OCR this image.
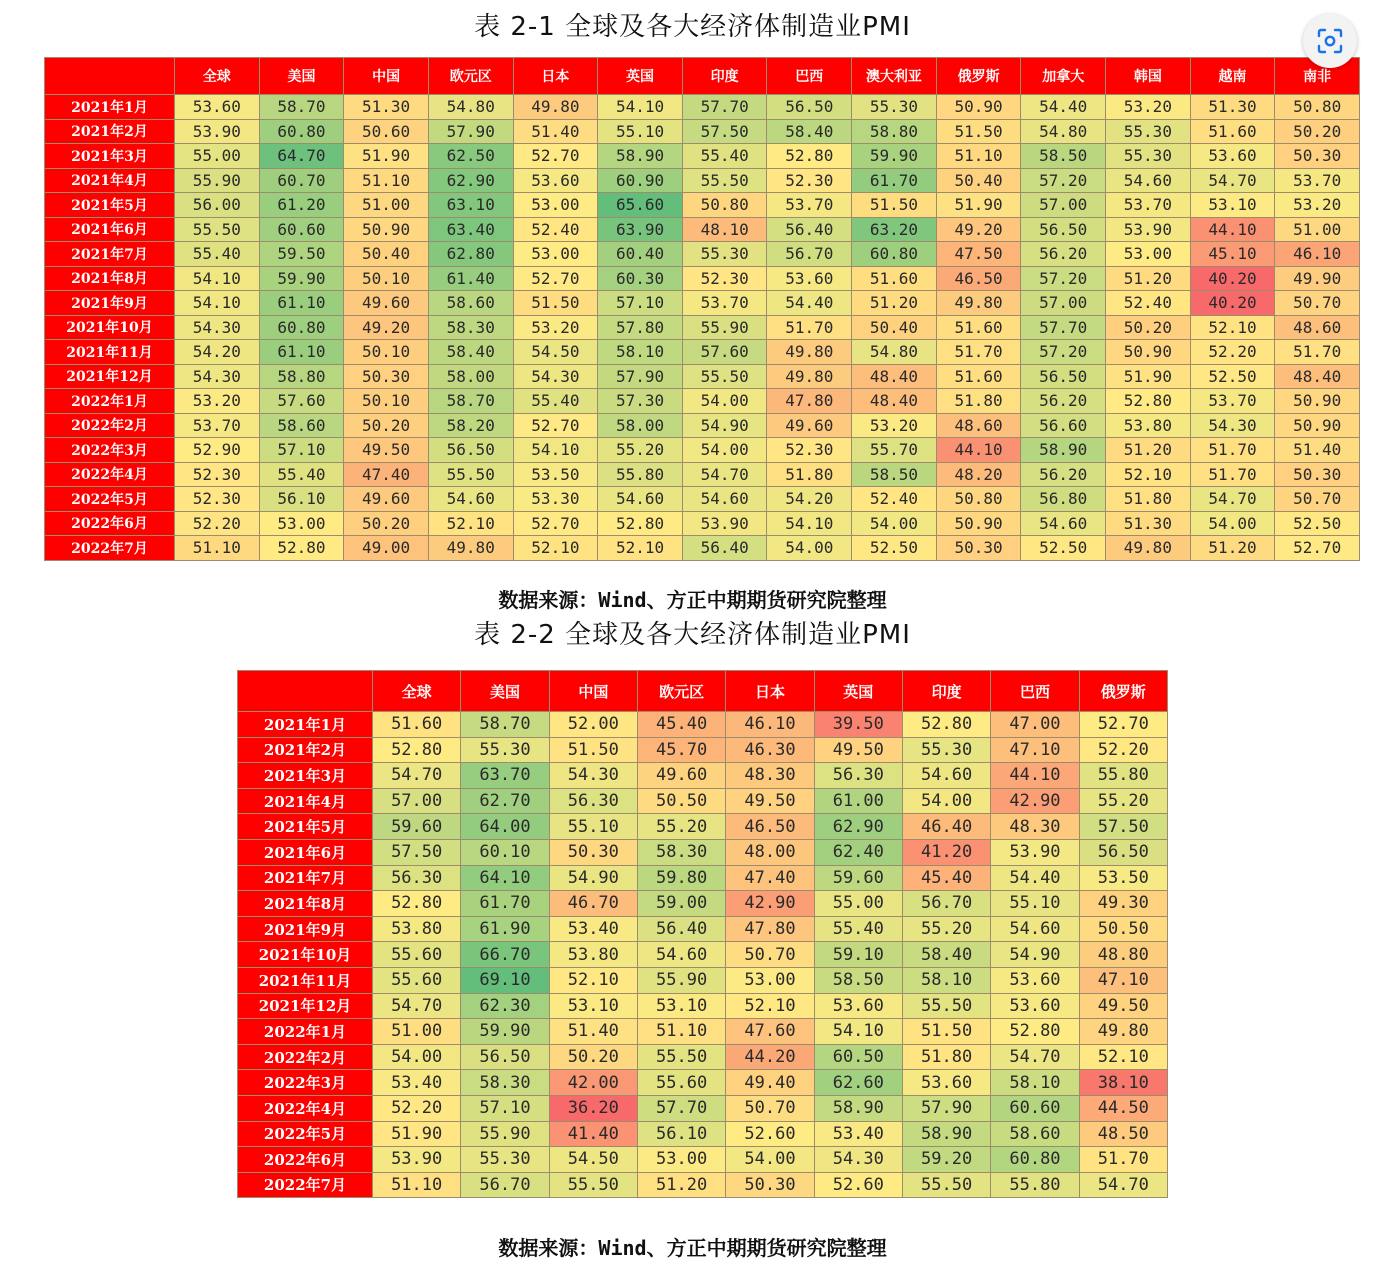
表 2-1 全球及各大经济体制造业PMI
	全球	美国	中国	欧元区	日本	英国	印度	巴西	澳大利亚	俄罗斯	加拿大	韩国	越南	南非
2021年1月	53.60	58.70	51.30	54.80	49.80	54.10	57.70	56.50	55.30	50.90	54.40	53.20	51.30	50.80
2021年2月	53.90	60.80	50.60	57.90	51.40	55.10	57.50	58.40	58.80	51.50	54.80	55.30	51.60	50.20
2021年3月	55.00	64.70	51.90	62.50	52.70	58.90	55.40	52.80	59.90	51.10	58.50	55.30	53.60	50.30
2021年4月	55.90	60.70	51.10	62.90	53.60	60.90	55.50	52.30	61.70	50.40	57.20	54.60	54.70	53.70
2021年5月	56.00	61.20	51.00	63.10	53.00	65.60	50.80	53.70	51.50	51.90	57.00	53.70	53.10	53.20
2021年6月	55.50	60.60	50.90	63.40	52.40	63.90	48.10	56.40	63.20	49.20	56.50	53.90	44.10	51.00
2021年7月	55.40	59.50	50.40	62.80	53.00	60.40	55.30	56.70	60.80	47.50	56.20	53.00	45.10	46.10
2021年8月	54.10	59.90	50.10	61.40	52.70	60.30	52.30	53.60	51.60	46.50	57.20	51.20	40.20	49.90
2021年9月	54.10	61.10	49.60	58.60	51.50	57.10	53.70	54.40	51.20	49.80	57.00	52.40	40.20	50.70
2021年10月	54.30	60.80	49.20	58.30	53.20	57.80	55.90	51.70	50.40	51.60	57.70	50.20	52.10	48.60
2021年11月	54.20	61.10	50.10	58.40	54.50	58.10	57.60	49.80	54.80	51.70	57.20	50.90	52.20	51.70
2021年12月	54.30	58.80	50.30	58.00	54.30	57.90	55.50	49.80	48.40	51.60	56.50	51.90	52.50	48.40
2022年1月	53.20	57.60	50.10	58.70	55.40	57.30	54.00	47.80	48.40	51.80	56.20	52.80	53.70	50.90
2022年2月	53.70	58.60	50.20	58.20	52.70	58.00	54.90	49.60	53.20	48.60	56.60	53.80	54.30	50.90
2022年3月	52.90	57.10	49.50	56.50	54.10	55.20	54.00	52.30	55.70	44.10	58.90	51.20	51.70	51.40
2022年4月	52.30	55.40	47.40	55.50	53.50	55.80	54.70	51.80	58.50	48.20	56.20	52.10	51.70	50.30
2022年5月	52.30	56.10	49.60	54.60	53.30	54.60	54.60	54.20	52.40	50.80	56.80	51.80	54.70	50.70
2022年6月	52.20	53.00	50.20	52.10	52.70	52.80	53.90	54.10	54.00	50.90	54.60	51.30	54.00	52.50
2022年7月	51.10	52.80	49.00	49.80	52.10	52.10	56.40	54.00	52.50	50.30	52.50	49.80	51.20	52.70
数据来源：Wind、方正中期期货研究院整理
表 2-2 全球及各大经济体制造业PMI
	全球	美国	中国	欧元区	日本	英国	印度	巴西	俄罗斯
2021年1月	51.60	58.70	52.00	45.40	46.10	39.50	52.80	47.00	52.70
2021年2月	52.80	55.30	51.50	45.70	46.30	49.50	55.30	47.10	52.20
2021年3月	54.70	63.70	54.30	49.60	48.30	56.30	54.60	44.10	55.80
2021年4月	57.00	62.70	56.30	50.50	49.50	61.00	54.00	42.90	55.20
2021年5月	59.60	64.00	55.10	55.20	46.50	62.90	46.40	48.30	57.50
2021年6月	57.50	60.10	50.30	58.30	48.00	62.40	41.20	53.90	56.50
2021年7月	56.30	64.10	54.90	59.80	47.40	59.60	45.40	54.40	53.50
2021年8月	52.80	61.70	46.70	59.00	42.90	55.00	56.70	55.10	49.30
2021年9月	53.80	61.90	53.40	56.40	47.80	55.40	55.20	54.60	50.50
2021年10月	55.60	66.70	53.80	54.60	50.70	59.10	58.40	54.90	48.80
2021年11月	55.60	69.10	52.10	55.90	53.00	58.50	58.10	53.60	47.10
2021年12月	54.70	62.30	53.10	53.10	52.10	53.60	55.50	53.60	49.50
2022年1月	51.00	59.90	51.40	51.10	47.60	54.10	51.50	52.80	49.80
2022年2月	54.00	56.50	50.20	55.50	44.20	60.50	51.80	54.70	52.10
2022年3月	53.40	58.30	42.00	55.60	49.40	62.60	53.60	58.10	38.10
2022年4月	52.20	57.10	36.20	57.70	50.70	58.90	57.90	60.60	44.50
2022年5月	51.90	55.90	41.40	56.10	52.60	53.40	58.90	58.60	48.50
2022年6月	53.90	55.30	54.50	53.00	54.00	54.30	59.20	60.80	51.70
2022年7月	51.10	56.70	55.50	51.20	50.30	52.60	55.50	55.80	54.70
数据来源：Wind、方正中期期货研究院整理
